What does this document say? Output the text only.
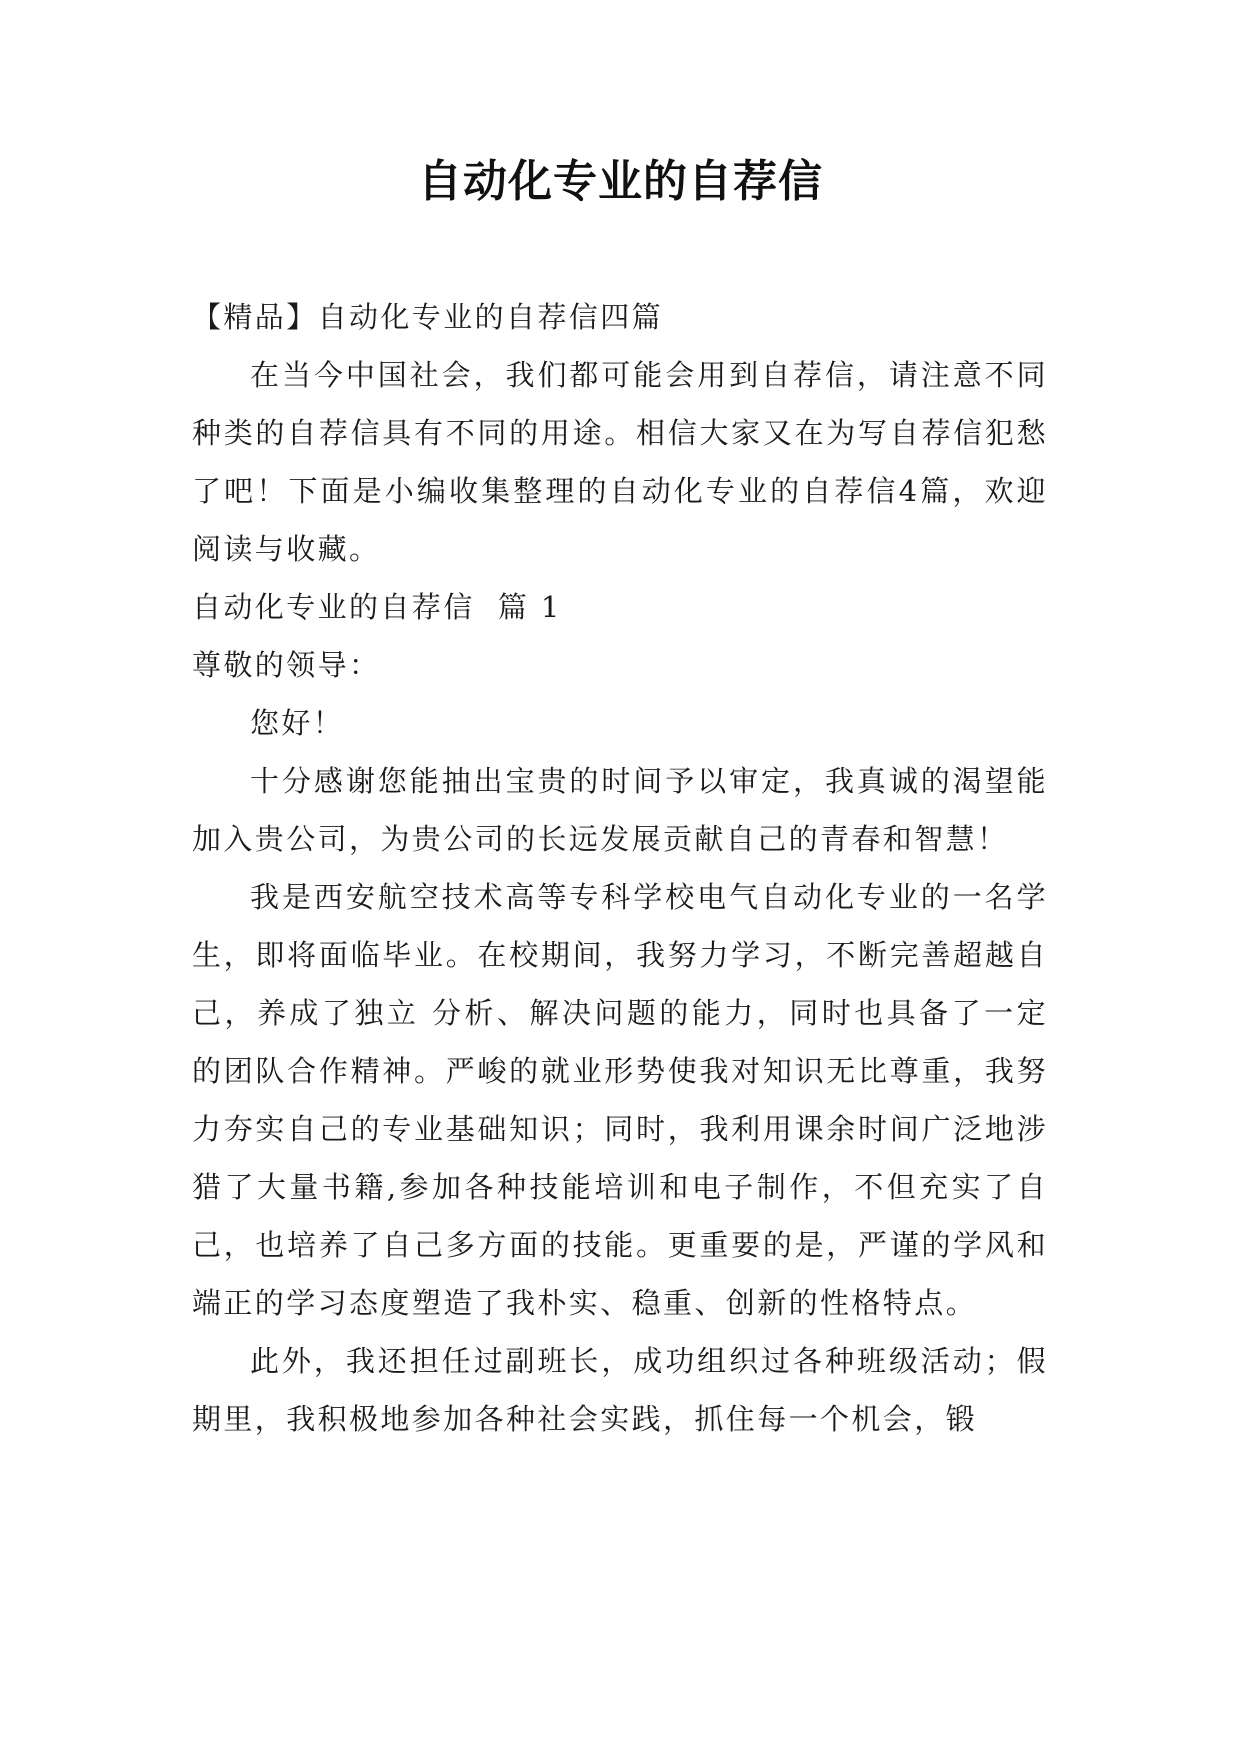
自动化专业的自荐信

【精品】自动化专业的自荐信四篇

在当今中国社会，我们都可能会用到自荐信，请注意不同种类的自荐信具有不同的用途。相信大家又在为写自荐信犯愁了吧！下面是小编收集整理的自动化专业的自荐信4篇，欢迎阅读与收藏。

自动化专业的自荐信  篇 1

尊敬的领导：

您好！

十分感谢您能抽出宝贵的时间予以审定，我真诚的渴望能加入贵公司，为贵公司的长远发展贡献自己的青春和智慧！

我是西安航空技术高等专科学校电气自动化专业的一名学生，即将面临毕业。在校期间，我努力学习，不断完善超越自己，养成了独立 分析、解决问题的能力，同时也具备了一定的团队合作精神。严峻的就业形势使我对知识无比尊重，我努力夯实自己的专业基础知识；同时，我利用课余时间广泛地涉猎了大量书籍,参加各种技能培训和电子制作，不但充实了自己，也培养了自己多方面的技能。更重要的是，严谨的学风和端正的学习态度塑造了我朴实、稳重、创新的性格特点。

此外，我还担任过副班长，成功组织过各种班级活动；假期里，我积极地参加各种社会实践，抓住每一个机会，锻
